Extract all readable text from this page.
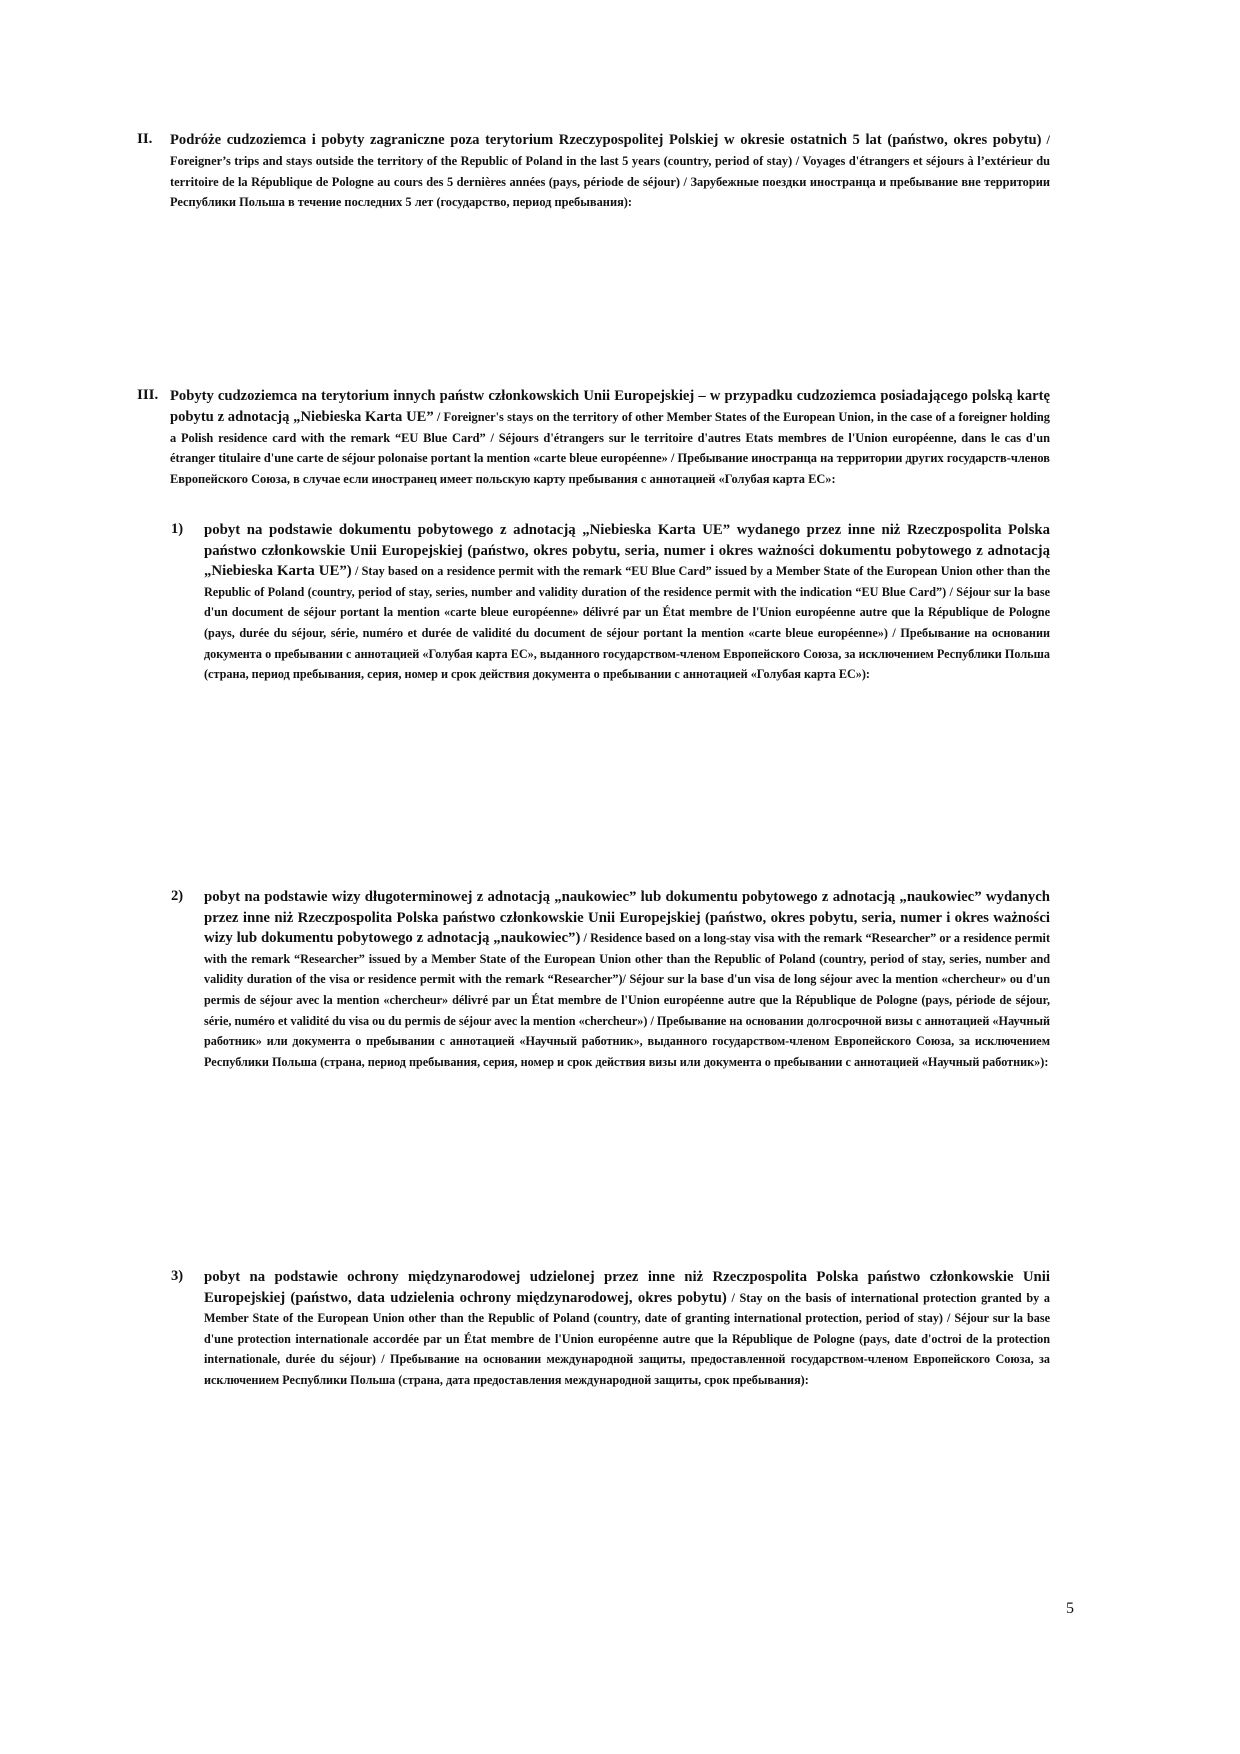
II. Podróże cudzoziemca i pobyty zagraniczne poza terytorium Rzeczypospolitej Polskiej w okresie ostatnich 5 lat (państwo, okres pobytu) / Foreigner’s trips and stays outside the territory of the Republic of Poland in the last 5 years (country, period of stay) / Voyages d'étrangers et séjours à l’extérieur du territoire de la République de Pologne au cours des 5 dernières années (pays, période de séjour) / Зарубежные поездки иностранца и пребывание вне территории Республики Польша в течение последних 5 лет (государство, период пребывания):
III. Pobyty cudzoziemca na terytorium innych państw członkowskich Unii Europejskiej – w przypadku cudzoziemca posiadającego polską kartę pobytu z adnotacją „Niebieska Karta UE” / Foreigner's stays on the territory of other Member States of the European Union, in the case of a foreigner holding a Polish residence card with the remark “EU Blue Card” / Séjours d'étrangers sur le territoire d'autres Etats membres de l'Union européenne, dans le cas d'un étranger titulaire d'une carte de séjour polonaise portant la mention «carte bleue européenne» / Пребывание иностранца на территории других государств-членов Европейского Союза, в случае если иностранец имеет польскую карту пребывания с аннотацией «Голубая карта ЕС»:
1) pobyt na podstawie dokumentu pobytowego z adnotacją „Niebieska Karta UE” wydanego przez inne niż Rzeczpospolita Polska państwo członkowskie Unii Europejskiej (państwo, okres pobytu, seria, numer i okres ważności dokumentu pobytowego z adnotacją „Niebieska Karta UE”) / Stay based on a residence permit with the remark “EU Blue Card” issued by a Member State of the European Union other than the Republic of Poland (country, period of stay, series, number and validity duration of the residence permit with the indication “EU Blue Card”) / Séjour sur la base d'un document de séjour portant la mention «carte bleue européenne» délivré par un État membre de l'Union européenne autre que la République de Pologne (pays, durée du séjour, série, numéro et durée de validité du document de séjour portant la mention «carte bleue européenne») / Пребывание на основании документа о пребывании с аннотацией «Голубая карта ЕС», выданного государством-членом Европейского Союза, за исключением Республики Польша (страна, период пребывания, серия, номер и срок действия документа о пребывании с аннотацией «Голубая карта ЕС»):
2) pobyt na podstawie wizy długoterminowej z adnotacją „naukowiec” lub dokumentu pobytowego z adnotacją „naukowiec” wydanych przez inne niż Rzeczpospolita Polska państwo członkowskie Unii Europejskiej (państwo, okres pobytu, seria, numer i okres ważności wizy lub dokumentu pobytowego z adnotacją „naukowiec”) / Residence based on a long-stay visa with the remark “Researcher” or a residence permit with the remark “Researcher” issued by a Member State of the European Union other than the Republic of Poland (country, period of stay, series, number and validity duration of the visa or residence permit with the remark “Researcher”)/ Séjour sur la base d'un visa de long séjour avec la mention «chercheur» ou d'un permis de séjour avec la mention «chercheur» délivré par un État membre de l'Union européenne autre que la République de Pologne (pays, période de séjour, série, numéro et validité du visa ou du permis de séjour avec la mention «chercheur») / Пребывание на основании долгосрочной визы с аннотацией «Научный работник» или документа о пребывании с аннотацией «Научный работник», выданного государством-членом Европейского Союза, за исключением Республики Польша (страна, период пребывания, серия, номер и срок действия визы или документа о пребывании с аннотацией «Научный работник»):
3) pobyt na podstawie ochrony międzynarodowej udzielonej przez inne niż Rzeczpospolita Polska państwo członkowskie Unii Europejskiej (państwo, data udzielenia ochrony międzynarodowej, okres pobytu) / Stay on the basis of international protection granted by a Member State of the European Union other than the Republic of Poland (country, date of granting international protection, period of stay) / Séjour sur la base d'une protection internationale accordée par un État membre de l'Union européenne autre que la République de Pologne (pays, date d'octroi de la protection internationale, durée du séjour) / Пребывание на основании международной защиты, предоставленной государством-членом Европейского Союза, за исключением Республики Польша (страна, дата предоставления международной защиты, срок пребывания):
5
